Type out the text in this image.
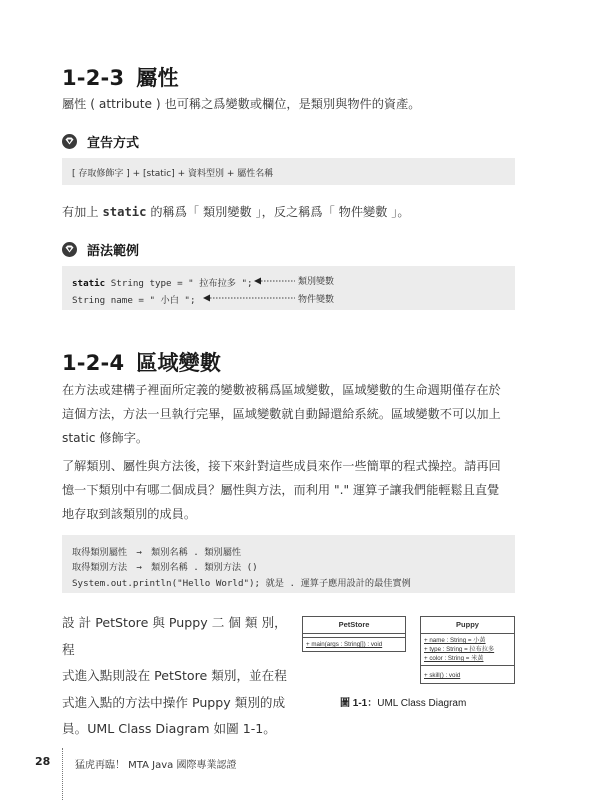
1-2-3 屬性
屬性 ( attribute ) 也可稱之爲變數或欄位，是類別與物件的資產。
宣告方式
[ 存取修飾字 ] + [static] + 資料型別 + 屬性名稱
有加上 static 的稱爲「 類別變數 」，反之稱爲「 物件變數 」。
語法範例
static String type = " 拉布拉多 ";
String name = " 小白 ";
類別變數
物件變數
1-2-4 區域變數
在方法或建構子裡面所定義的變數被稱爲區域變數，區域變數的生命週期僅存在於
這個方法，方法一旦執行完畢，區域變數就自動歸還給系統。區域變數不可以加上
static 修飾字。
了解類別、屬性與方法後，接下來針對這些成員來作一些簡單的程式操控。請再回
憶一下類別中有哪二個成員？屬性與方法，而利用 "." 運算子讓我們能輕鬆且直覺
地存取到該類別的成員。
取得類別屬性　→　類別名稱 . 類別屬性
取得類別方法　→　類別名稱 . 類別方法 ()
System.out.println("Hello World"); 就是 . 運算子應用設計的最佳實例
設 計 PetStore 與 Puppy 二 個 類 別， 程
式進入點則設在 PetStore 類別，並在程
式進入點的方法中操作 Puppy 類別的成
員。UML Class Diagram 如圖 1-1。
PetStore
+ main(args : String[]) : void
Puppy
+ name : String = 小黃
+ type : String = 拉布拉多
+ color : String = 米黃
+ skill() : void
圖 1-1：UML Class Diagram
28 猛虎再臨！ MTA Java 國際專業認證
